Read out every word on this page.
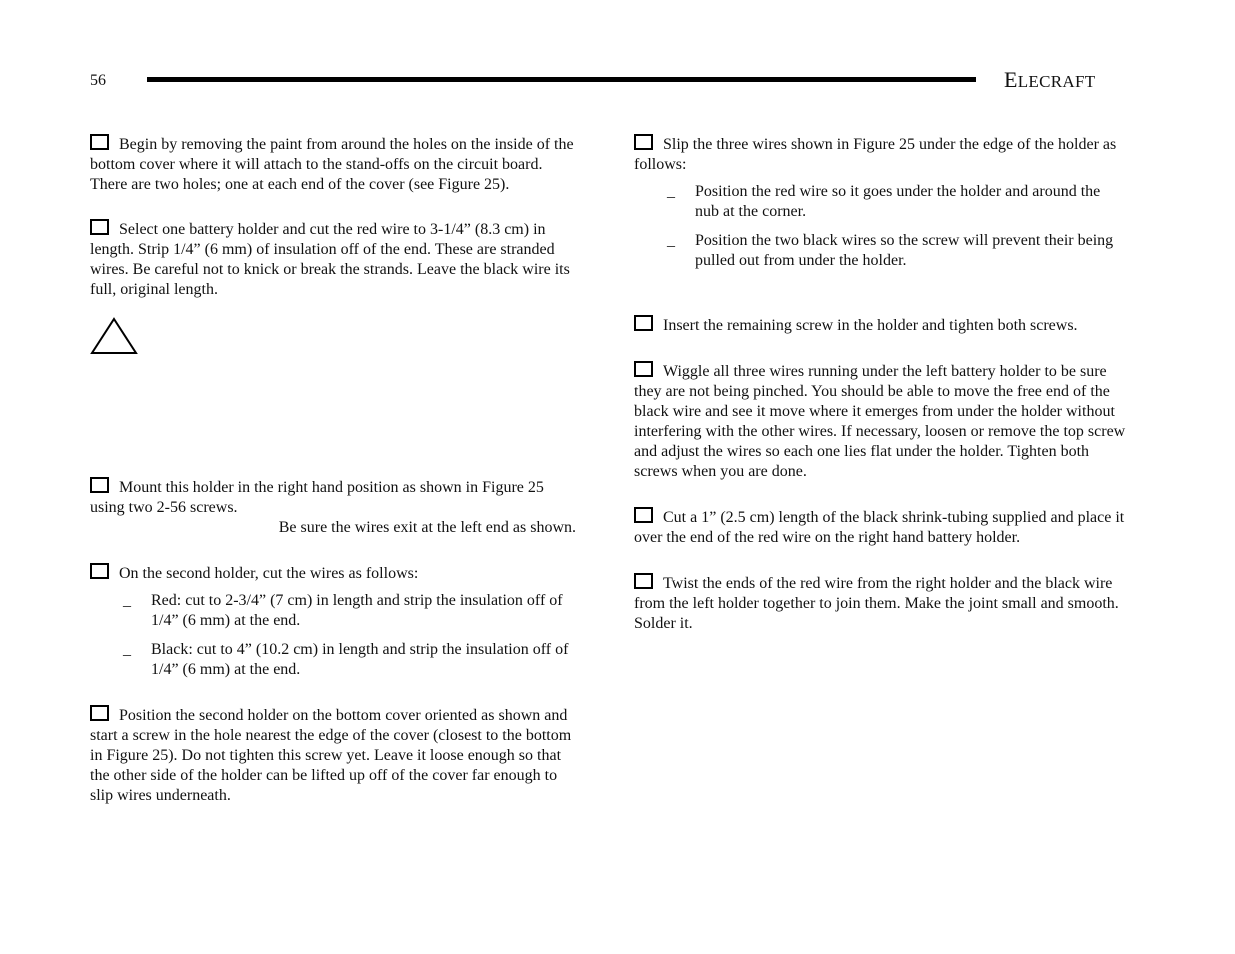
56	ELECRAFT

Begin by removing the paint from around the holes on the inside of the bottom cover where it will attach to the stand-offs on the circuit board. There are two holes; one at each end of the cover (see Figure 25).

Select one battery holder and cut the red wire to 3-1/4” (8.3 cm) in length. Strip 1/4” (6 mm) of insulation off of the end. These are stranded wires. Be careful not to knick or break the strands. Leave the black wire its full, original length.

Mount this holder in the right hand position as shown in Figure 25 using two 2-56 screws.
Be sure the wires exit at the left end as shown.

On the second holder, cut the wires as follows:

_ Red: cut to 2-3/4” (7 cm) in length and strip the insulation off of 1/4” (6 mm) at the end.
_ Black: cut to 4” (10.2 cm) in length and strip the insulation off of 1/4” (6 mm) at the end.

Position the second holder on the bottom cover oriented as shown and start a screw in the hole nearest the edge of the cover (closest to the bottom in Figure 25). Do not tighten this screw yet. Leave it loose enough so that the other side of the holder can be lifted up off of the cover far enough to slip wires underneath.

Slip the three wires shown in Figure 25 under the edge of the holder as follows:

_ Position the red wire so it goes under the holder and around the nub at the corner.
_ Position the two black wires so the screw will prevent their being pulled out from under the holder.

Insert the remaining screw in the holder and tighten both screws.

Wiggle all three wires running under the left battery holder to be sure they are not being pinched. You should be able to move the free end of the black wire and see it move where it emerges from under the holder without interfering with the other wires. If necessary, loosen or remove the top screw and adjust the wires so each one lies flat under the holder. Tighten both screws when you are done.

Cut a 1” (2.5 cm) length of the black shrink-tubing supplied and place it over the end of the red wire on the right hand battery holder.

Twist the ends of the red wire from the right holder and the black wire from the left holder together to join them. Make the joint small and smooth. Solder it.
